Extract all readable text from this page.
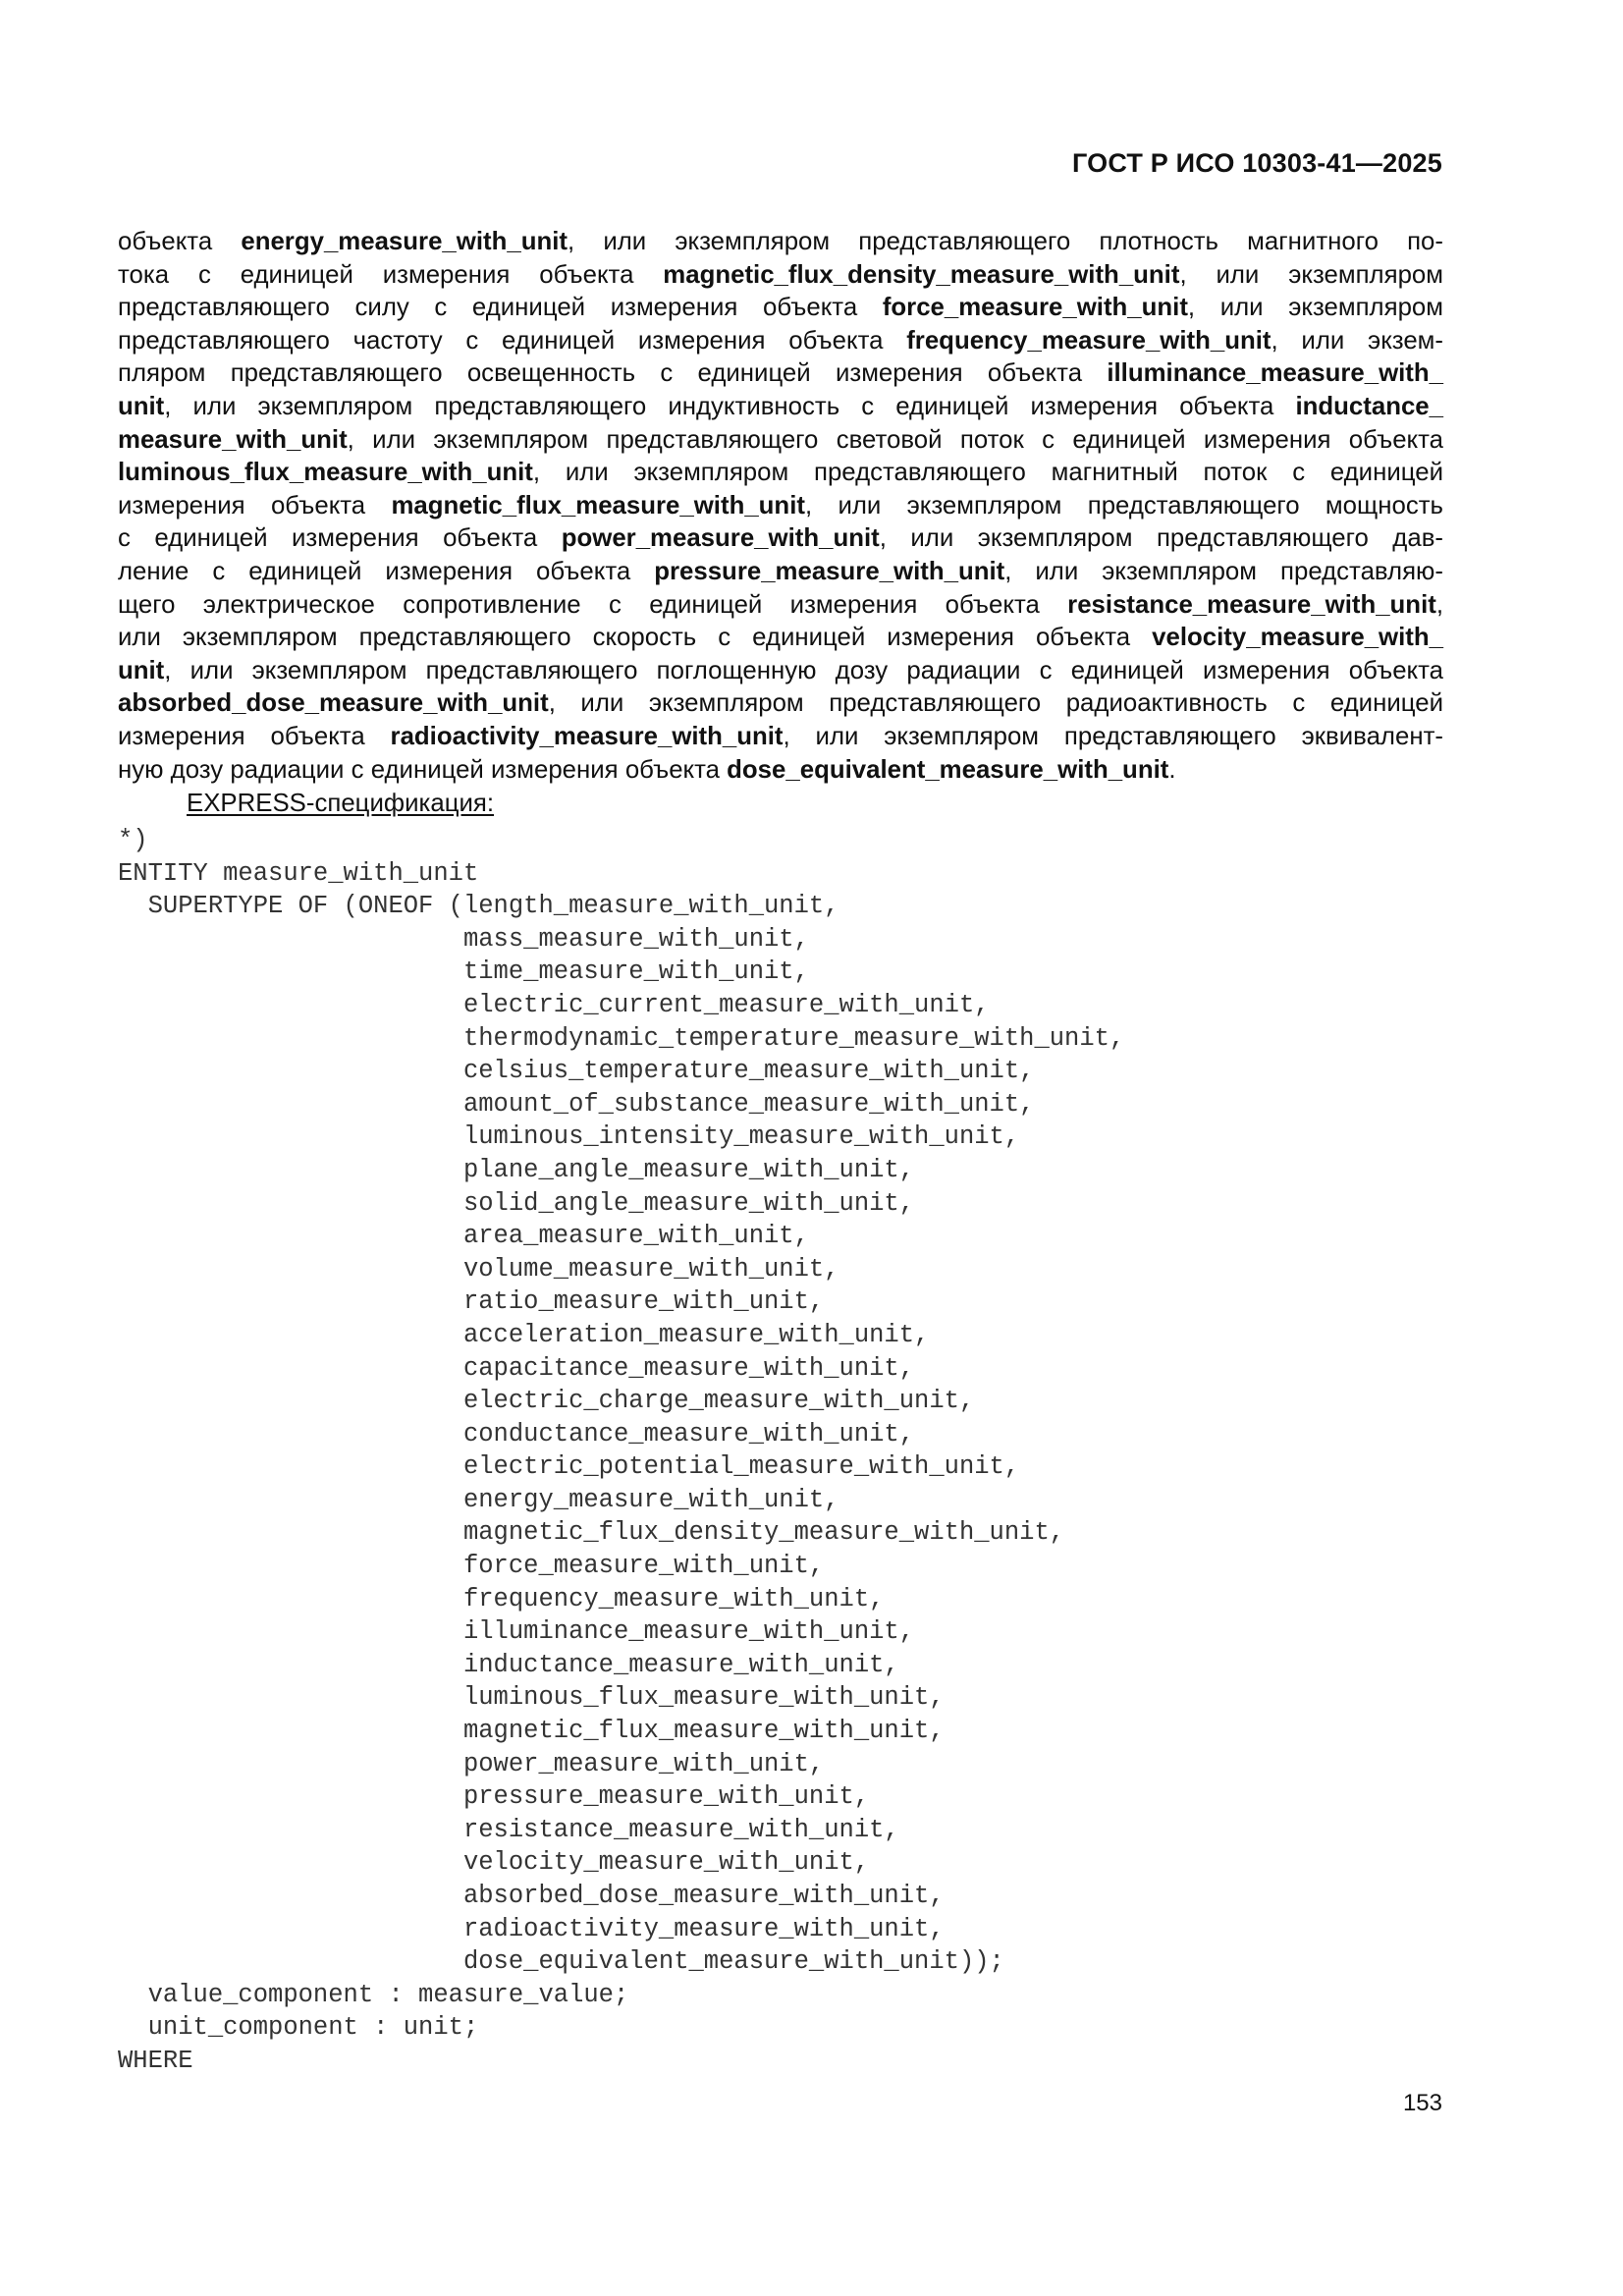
ГОСТ Р ИСО 10303-41—2025
объекта energy_measure_with_unit, или экземпляром представляющего плотность магнитного по-
тока с единицей измерения объекта magnetic_flux_density_measure_with_unit, или экземпляром
представляющего силу с единицей измерения объекта force_measure_with_unit, или экземпляром
представляющего частоту с единицей измерения объекта frequency_measure_with_unit, или экзем-
пляром представляющего освещенность с единицей измерения объекта illuminance_measure_with_
unit, или экземпляром представляющего индуктивность с единицей измерения объекта inductance_
measure_with_unit, или экземпляром представляющего световой поток с единицей измерения объекта
luminous_flux_measure_with_unit, или экземпляром представляющего магнитный поток с единицей
измерения объекта magnetic_flux_measure_with_unit, или экземпляром представляющего мощность
с единицей измерения объекта power_measure_with_unit, или экземпляром представляющего дав-
ление с единицей измерения объекта pressure_measure_with_unit, или экземпляром представляю-
щего электрическое сопротивление с единицей измерения объекта resistance_measure_with_unit,
или экземпляром представляющего скорость с единицей измерения объекта velocity_measure_with_
unit, или экземпляром представляющего поглощенную дозу радиации с единицей измерения объекта
absorbed_dose_measure_with_unit, или экземпляром представляющего радиоактивность с единицей
измерения объекта radioactivity_measure_with_unit, или экземпляром представляющего эквивалент-
ную дозу радиации с единицей измерения объекта dose_equivalent_measure_with_unit.
EXPRESS-спецификация:
*)
ENTITY measure_with_unit
SUPERTYPE OF (ONEOF (length_measure_with_unit,
mass_measure_with_unit,
time_measure_with_unit,
electric_current_measure_with_unit,
thermodynamic_temperature_measure_with_unit,
celsius_temperature_measure_with_unit,
amount_of_substance_measure_with_unit,
luminous_intensity_measure_with_unit,
plane_angle_measure_with_unit,
solid_angle_measure_with_unit,
area_measure_with_unit,
volume_measure_with_unit,
ratio_measure_with_unit,
acceleration_measure_with_unit,
capacitance_measure_with_unit,
electric_charge_measure_with_unit,
conductance_measure_with_unit,
electric_potential_measure_with_unit,
energy_measure_with_unit,
magnetic_flux_density_measure_with_unit,
force_measure_with_unit,
frequency_measure_with_unit,
illuminance_measure_with_unit,
inductance_measure_with_unit,
luminous_flux_measure_with_unit,
magnetic_flux_measure_with_unit,
power_measure_with_unit,
pressure_measure_with_unit,
resistance_measure_with_unit,
velocity_measure_with_unit,
absorbed_dose_measure_with_unit,
radioactivity_measure_with_unit,
dose_equivalent_measure_with_unit));
value_component : measure_value;
unit_component : unit;
WHERE
153
